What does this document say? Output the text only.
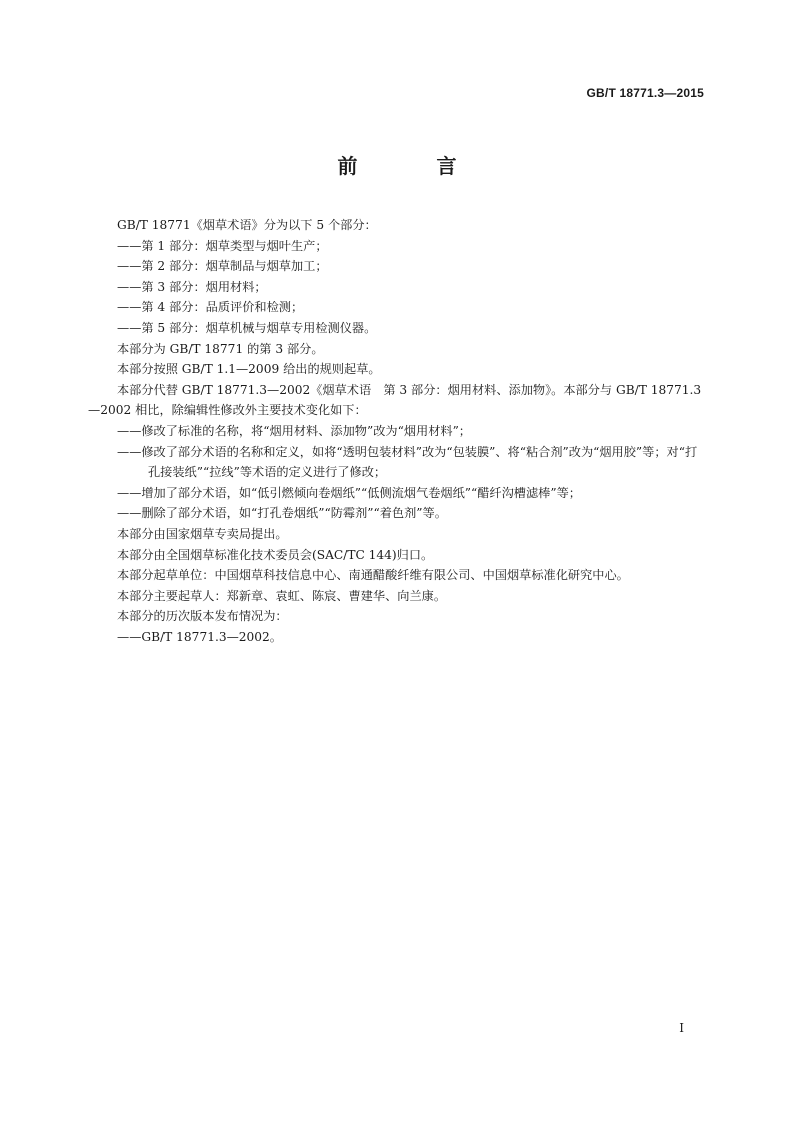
GB/T 18771.3—2015
前 言

GB/T 18771《烟草术语》分为以下 5 个部分：

——第 1 部分：烟草类型与烟叶生产；

——第 2 部分：烟草制品与烟草加工；

——第 3 部分：烟用材料；

——第 4 部分：品质评价和检测；

——第 5 部分：烟草机械与烟草专用检测仪器。

本部分为 GB/T 18771 的第 3 部分。

本部分按照 GB/T 1.1—2009 给出的规则起草。

本部分代替 GB/T 18771.3—2002《烟草术语　第 3 部分：烟用材料、添加物》。本部分与 GB/T 18771.3—2002 相比，除编辑性修改外主要技术变化如下：

——修改了标准的名称，将“烟用材料、添加物”改为“烟用材料”；

——修改了部分术语的名称和定义，如将“透明包装材料”改为“包装膜”、将“粘合剂”改为“烟用胶”等；对“打孔接装纸”“拉线”等术语的定义进行了修改；

——增加了部分术语，如“低引燃倾向卷烟纸”“低侧流烟气卷烟纸”“醋纤沟槽滤棒”等；

——删除了部分术语，如“打孔卷烟纸”“防霉剂”“着色剂”等。

本部分由国家烟草专卖局提出。

本部分由全国烟草标准化技术委员会(SAC/TC 144)归口。

本部分起草单位：中国烟草科技信息中心、南通醋酸纤维有限公司、中国烟草标准化研究中心。

本部分主要起草人：郑新章、袁虹、陈宸、曹建华、向兰康。

本部分的历次版本发布情况为：

——GB/T 18771.3—2002。

I
